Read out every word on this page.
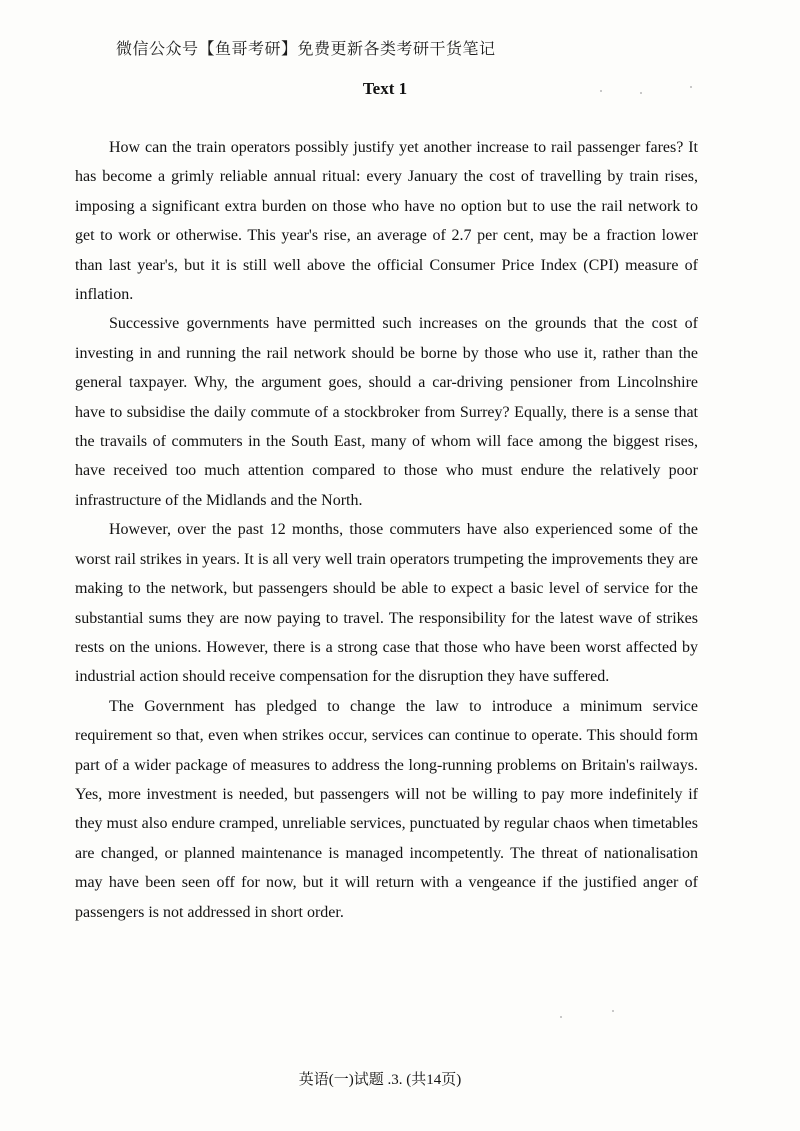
微信公众号【鱼哥考研】免费更新各类考研干货笔记
Text 1

How can the train operators possibly justify yet another increase to rail passenger fares? It has become a grimly reliable annual ritual: every January the cost of travelling by train rises, imposing a significant extra burden on those who have no option but to use the rail network to get to work or otherwise. This year's rise, an average of 2.7 per cent, may be a fraction lower than last year's, but it is still well above the official Consumer Price Index (CPI) measure of inflation.

Successive governments have permitted such increases on the grounds that the cost of investing in and running the rail network should be borne by those who use it, rather than the general taxpayer. Why, the argument goes, should a car-driving pensioner from Lincolnshire have to subsidise the daily commute of a stockbroker from Surrey? Equally, there is a sense that the travails of commuters in the South East, many of whom will face among the biggest rises, have received too much attention compared to those who must endure the relatively poor infrastructure of the Midlands and the North.

However, over the past 12 months, those commuters have also experienced some of the worst rail strikes in years. It is all very well train operators trumpeting the improvements they are making to the network, but passengers should be able to expect a basic level of service for the substantial sums they are now paying to travel. The responsibility for the latest wave of strikes rests on the unions. However, there is a strong case that those who have been worst affected by industrial action should receive compensation for the disruption they have suffered.

The Government has pledged to change the law to introduce a minimum service requirement so that, even when strikes occur, services can continue to operate. This should form part of a wider package of measures to address the long-running problems on Britain's railways. Yes, more investment is needed, but passengers will not be willing to pay more indefinitely if they must also endure cramped, unreliable services, punctuated by regular chaos when timetables are changed, or planned maintenance is managed incompetently. The threat of nationalisation may have been seen off for now, but it will return with a vengeance if the justified anger of passengers is not addressed in short order.

英语(一)试题 .3. (共14页)
